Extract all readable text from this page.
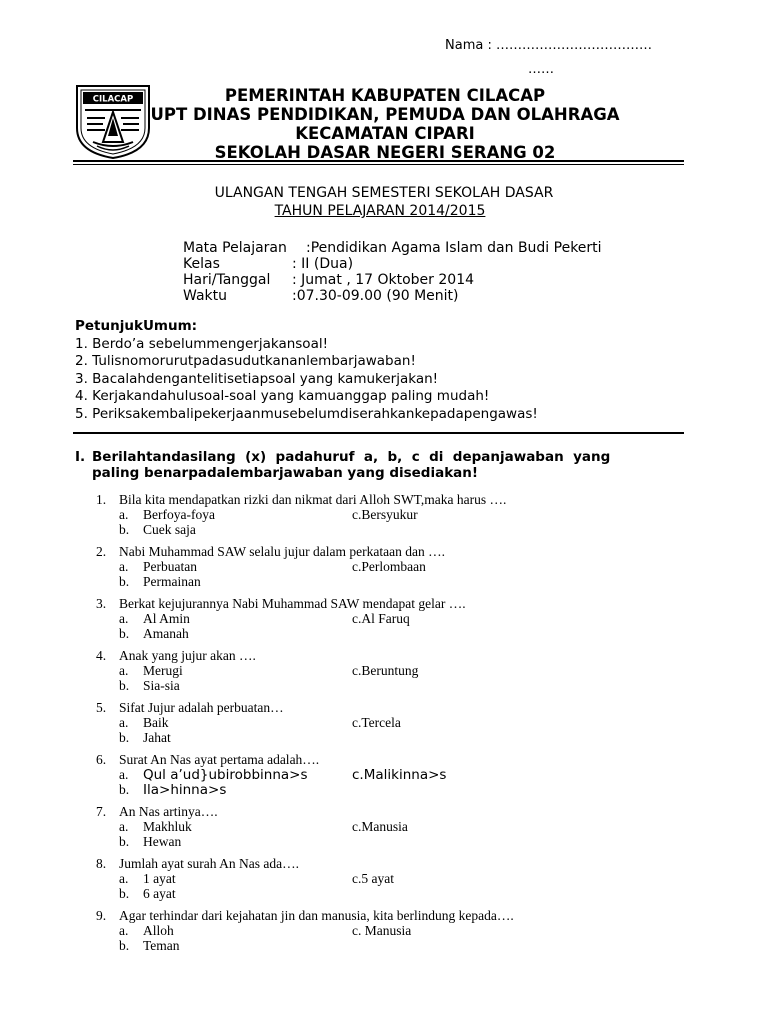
Nama : ………………………………
……
CILACAP	PEMERINTAH KABUPATEN CILACAP
UPT DINAS PENDIDIKAN, PEMUDA DAN OLAHRAGA
KECAMATAN CIPARI
SEKOLAH DASAR NEGERI SERANG 02
ULANGAN TENGAH SEMESTERI SEKOLAH DASAR
TAHUN PELAJARAN 2014/2015
Mata Pelajaran :Pendidikan Agama Islam dan Budi Pekerti
Kelas	: II (Dua)
Hari/Tanggal : Jumat , 17 Oktober 2014
Waktu	:07.30-09.00 (90 Menit)
PetunjukUmum:
1. Berdo’a sebelummengerjakansoal!
2. Tulisnomorurutpadasudutkananlembarjawaban!
3. Bacalahdengantelitisetiapsoal yang kamukerjakan!
4. Kerjakandahulusoal-soal yang kamuanggap paling mudah!
5. Periksakembalipekerjaanmusebelumdiserahkankepadapengawas!
I. Berilahtandasilang  (x)  padahuruf  a,  b,  c  di  depanjawaban  yang
paling benarpadalembarjawaban yang disediakan!
1. Bila kita mendapatkan rizki dan nikmat dari Alloh SWT,maka harus ….
a. Berfoya-foya	c.Bersyukur
b. Cuek saja
2. Nabi Muhammad SAW selalu jujur dalam perkataan dan ….
a. Perbuatan	c.Perlombaan
b. Permainan
3. Berkat kejujurannya Nabi Muhammad SAW mendapat gelar ….
a. Al Amin	c.Al Faruq
b. Amanah
4. Anak yang jujur akan ….
a. Merugi	c.Beruntung
b. Sia-sia
5. Sifat Jujur adalah perbuatan…
a. Baik	c.Tercela
b. Jahat
6. Surat An Nas ayat pertama adalah….
a. Qul a’ud}ubirobbinna>s	c.Malikinna>s
b. Ila>hinna>s
7. An Nas artinya….
a. Makhluk	c.Manusia
b. Hewan
8. Jumlah ayat surah An Nas ada….
a. 1 ayat	c.5 ayat
b. 6 ayat
9. Agar terhindar dari kejahatan jin dan manusia, kita berlindung kepada….
a. Alloh	c. Manusia
b. Teman
